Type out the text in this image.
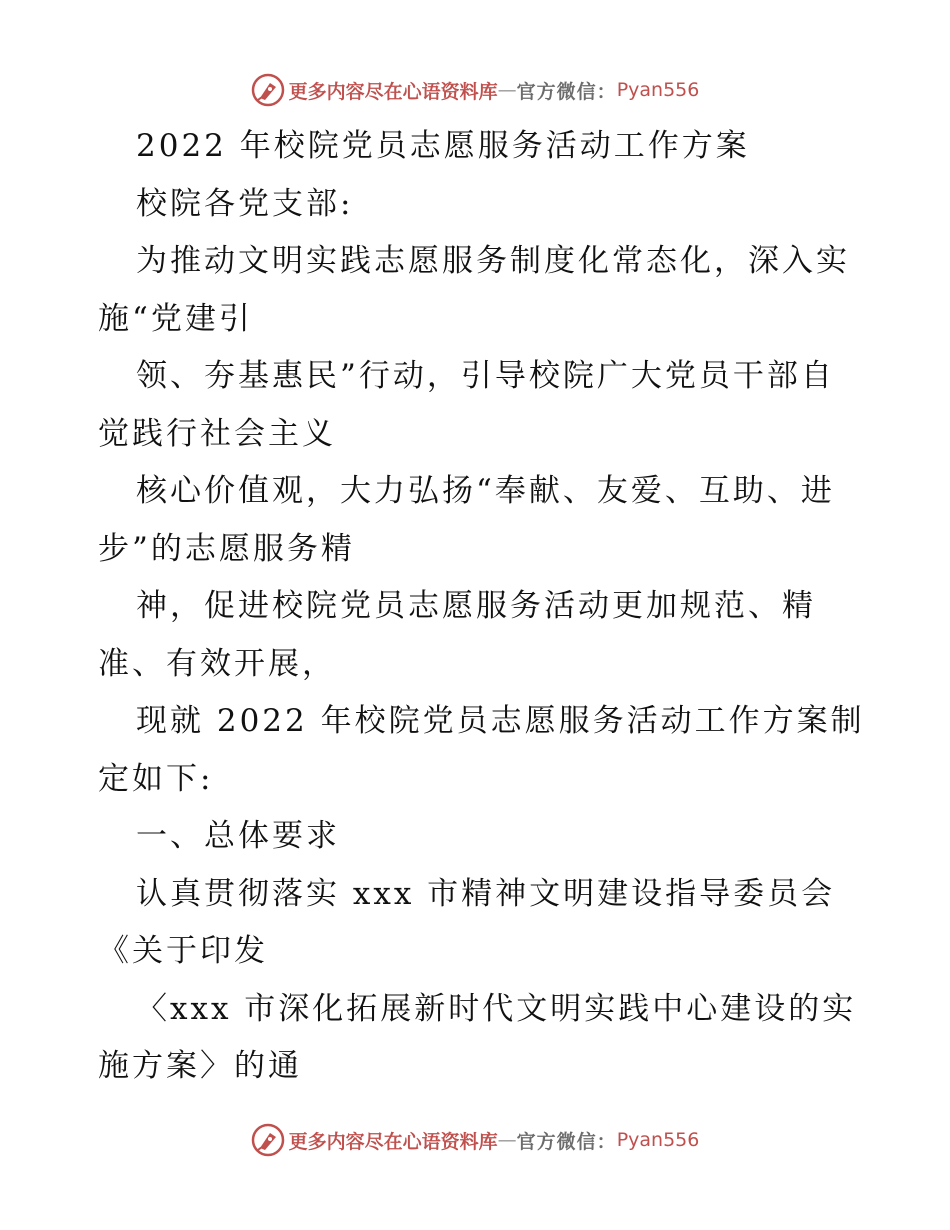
更多内容尽在心语资料库 — 官方微信： Pyan556
2022 年校院党员志愿服务活动工作方案
校院各党支部:
为推动文明实践志愿服务制度化常态化，深入实
施“党建引
领、夯基惠民”行动，引导校院广大党员干部自
觉践行社会主义
核心价值观，大力弘扬“奉献、友爱、互助、进
步”的志愿服务精
神，促进校院党员志愿服务活动更加规范、精
准、有效开展，
现就 2022 年校院党员志愿服务活动工作方案制
定如下:
一、总体要求
认真贯彻落实 xxx 市精神文明建设指导委员会
《关于印发
〈xxx 市深化拓展新时代文明实践中心建设的实
施方案〉的通
更多内容尽在心语资料库 — 官方微信： Pyan556
